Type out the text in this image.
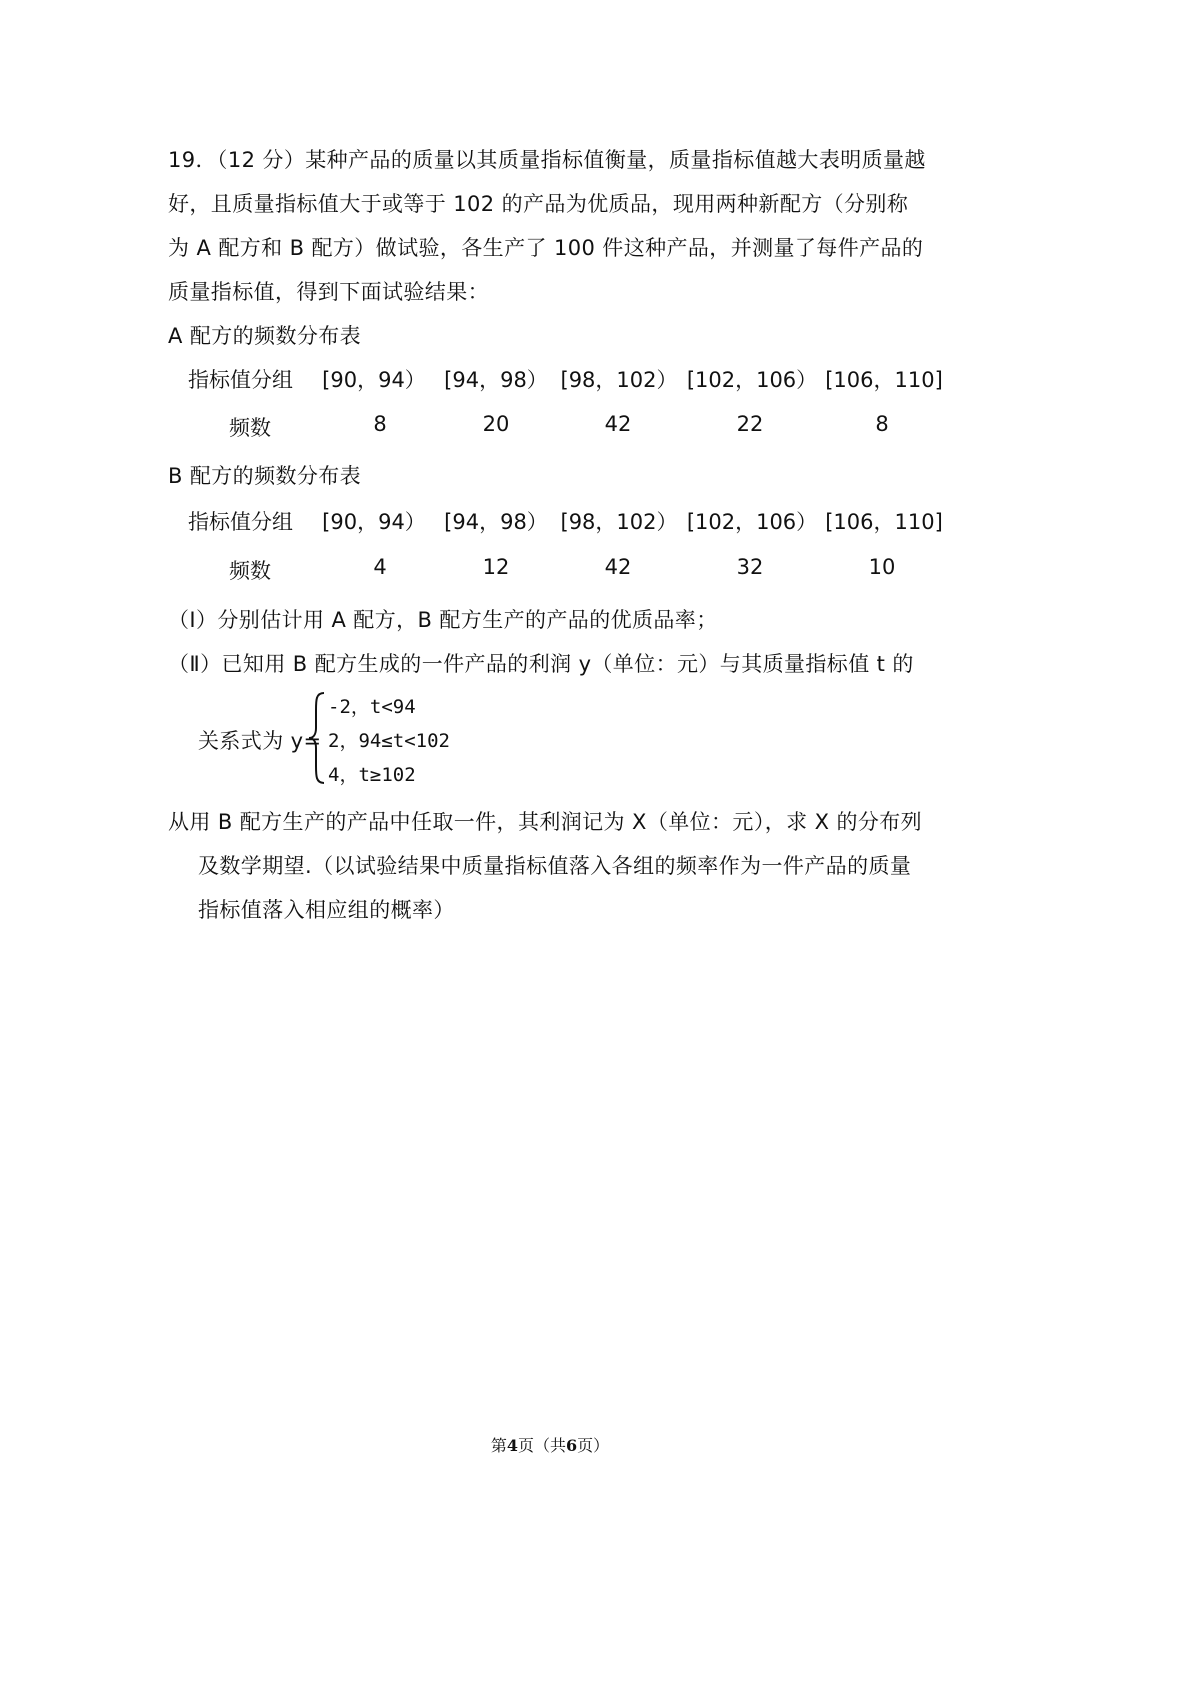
19．（12 分）某种产品的质量以其质量指标值衡量，质量指标值越大表明质量越
好，且质量指标值大于或等于 102 的产品为优质品，现用两种新配方（分别称
为 A 配方和 B 配方）做试验，各生产了 100 件这种产品，并测量了每件产品的
质量指标值，得到下面试验结果：
A 配方的频数分布表
指标值分组	[90，94） [94，98） [98，102） [102，106） [106，110]
频数	8	20	42	22	8
B 配方的频数分布表
指标值分组	[90，94） [94，98） [98，102） [102，106） [106，110]
频数	4	12	42	32	10
（Ⅰ）分别估计用 A 配方，B 配方生产的产品的优质品率；
（Ⅱ）已知用 B 配方生成的一件产品的利润 y（单位：元）与其质量指标值 t 的
关系式为 y=
-2，t<94
2，94≤t<102
4，t≥102
从用 B 配方生产的产品中任取一件，其利润记为 X（单位：元），求 X 的分布列
及数学期望.（以试验结果中质量指标值落入各组的频率作为一件产品的质量
指标值落入相应组的概率）
第4页（共6页）
